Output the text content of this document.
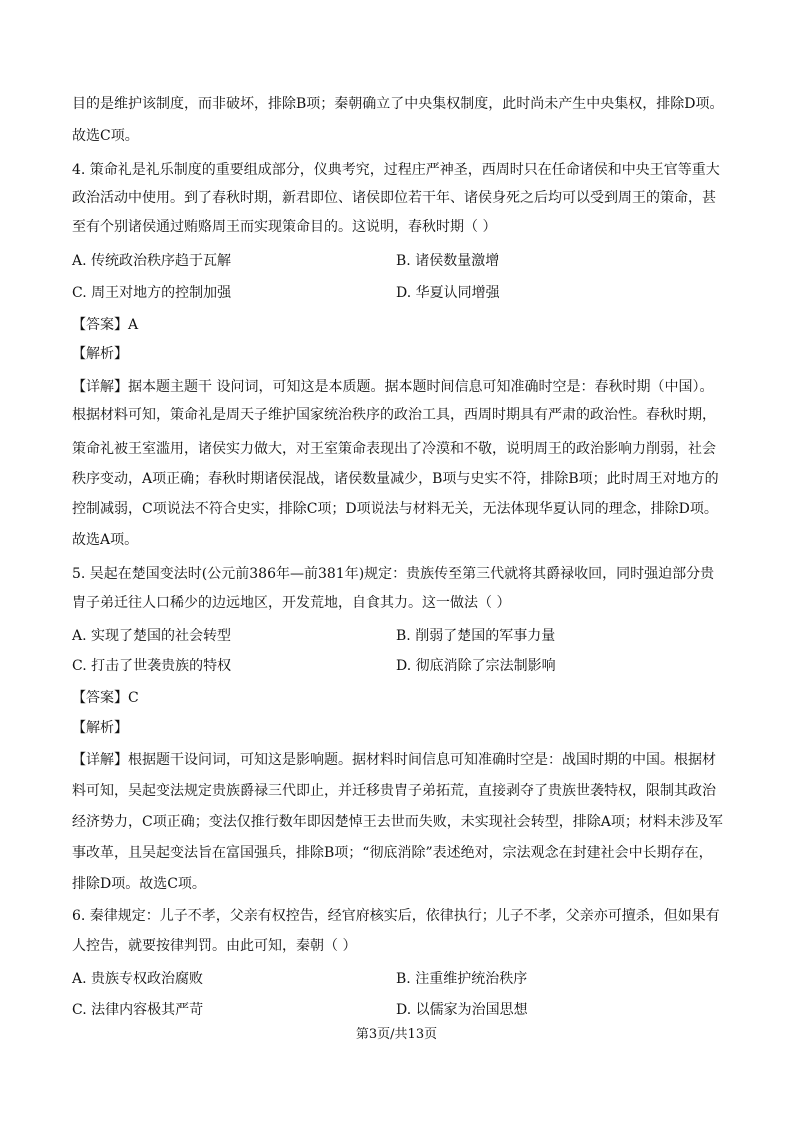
目的是维护该制度，而非破坏，排除B项；秦朝确立了中央集权制度，此时尚未产生中央集权，排除D项。
故选C项。
4. 策命礼是礼乐制度的重要组成部分，仪典考究，过程庄严神圣，西周时只在任命诸侯和中央王官等重大
政治活动中使用。到了春秋时期，新君即位、诸侯即位若干年、诸侯身死之后均可以受到周王的策命，甚
至有个别诸侯通过贿赂周王而实现策命目的。这说明，春秋时期（ ）
A. 传统政治秩序趋于瓦解	B. 诸侯数量激增
C. 周王对地方的控制加强	D. 华夏认同增强
【答案】A
【解析】
【详解】据本题主题干 设问词，可知这是本质题。据本题时间信息可知准确时空是：春秋时期（中国）。
根据材料可知，策命礼是周天子维护国家统治秩序的政治工具，西周时期具有严肃的政治性。春秋时期，
策命礼被王室滥用，诸侯实力做大，对王室策命表现出了冷漠和不敬，说明周王的政治影响力削弱，社会
秩序变动，A项正确；春秋时期诸侯混战，诸侯数量减少，B项与史实不符，排除B项；此时周王对地方的
控制减弱，C项说法不符合史实，排除C项；D项说法与材料无关，无法体现华夏认同的理念，排除D项。
故选A项。
5. 吴起在楚国变法时(公元前386年—前381年)规定：贵族传至第三代就将其爵禄收回，同时强迫部分贵
胄子弟迁往人口稀少的边远地区，开发荒地，自食其力。这一做法（ ）
A. 实现了楚国的社会转型	B. 削弱了楚国的军事力量
C. 打击了世袭贵族的特权	D. 彻底消除了宗法制影响
【答案】C
【解析】
【详解】根据题干设问词，可知这是影响题。据材料时间信息可知准确时空是：战国时期的中国。根据材
料可知，吴起变法规定贵族爵禄三代即止，并迁移贵胄子弟拓荒，直接剥夺了贵族世袭特权，限制其政治
经济势力，C项正确；变法仅推行数年即因楚悼王去世而失败，未实现社会转型，排除A项；材料未涉及军
事改革，且吴起变法旨在富国强兵，排除B项；“彻底消除”表述绝对，宗法观念在封建社会中长期存在，
排除D项。故选C项。
6. 秦律规定：儿子不孝，父亲有权控告，经官府核实后，依律执行；儿子不孝，父亲亦可擅杀，但如果有
人控告，就要按律判罚。由此可知，秦朝（ ）
A. 贵族专权政治腐败	B. 注重维护统治秩序
C. 法律内容极其严苛	D. 以儒家为治国思想
第3页/共13页
